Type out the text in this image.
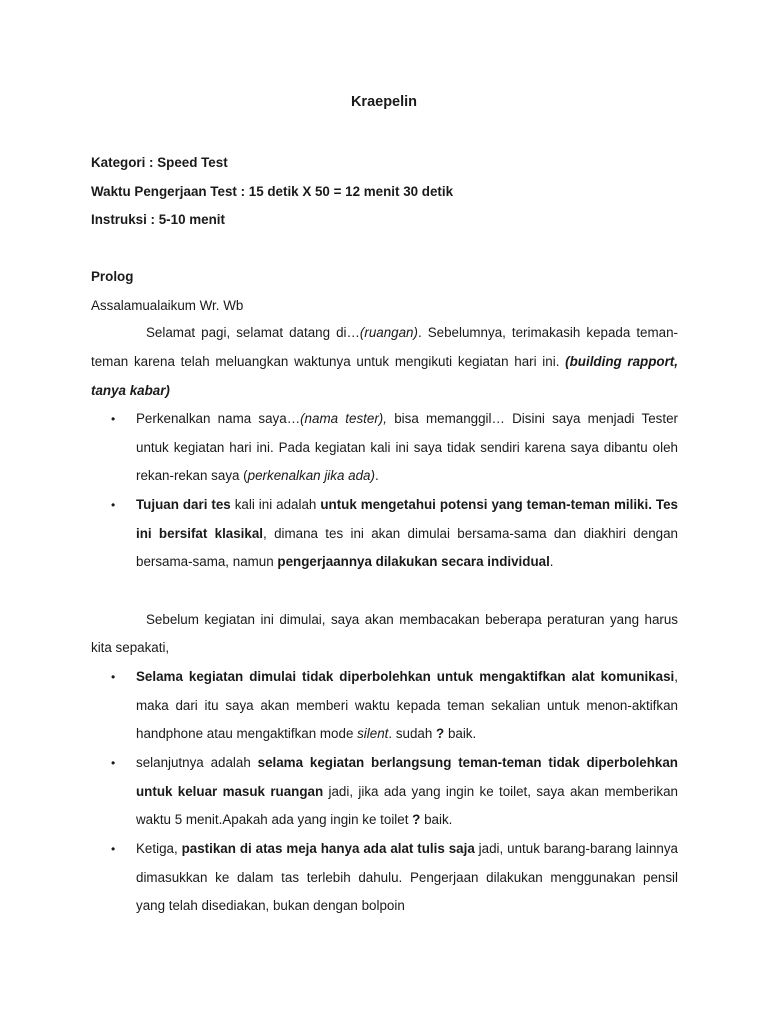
Kraepelin
Kategori : Speed Test
Waktu Pengerjaan Test : 15 detik X 50 = 12 menit 30 detik
Instruksi : 5-10 menit
Prolog
Assalamualaikum Wr. Wb
Selamat pagi, selamat datang di…(ruangan). Sebelumnya, terimakasih kepada teman-
teman karena telah meluangkan waktunya untuk mengikuti kegiatan hari ini. (building rapport,
tanya kabar)
• Perkenalkan nama saya…(nama tester), bisa memanggil… Disini saya menjadi Tester
untuk kegiatan hari ini. Pada kegiatan kali ini saya tidak sendiri karena saya dibantu oleh
rekan-rekan saya (perkenalkan jika ada).
• Tujuan dari tes kali ini adalah untuk mengetahui potensi yang teman-teman miliki. Tes
ini bersifat klasikal, dimana tes ini akan dimulai bersama-sama dan diakhiri dengan
bersama-sama, namun pengerjaannya dilakukan secara individual.
Sebelum kegiatan ini dimulai, saya akan membacakan beberapa peraturan yang harus
kita sepakati,
• Selama kegiatan dimulai tidak diperbolehkan untuk mengaktifkan alat komunikasi,
maka dari itu saya akan memberi waktu kepada teman sekalian untuk menon-aktifkan
handphone atau mengaktifkan mode silent. sudah ? baik.
• selanjutnya adalah selama kegiatan berlangsung teman-teman tidak diperbolehkan
untuk keluar masuk ruangan jadi, jika ada yang ingin ke toilet, saya akan memberikan
waktu 5 menit.Apakah ada yang ingin ke toilet ? baik.
• Ketiga, pastikan di atas meja hanya ada alat tulis saja jadi, untuk barang-barang lainnya
dimasukkan ke dalam tas terlebih dahulu. Pengerjaan dilakukan menggunakan pensil
yang telah disediakan, bukan dengan bolpoin
